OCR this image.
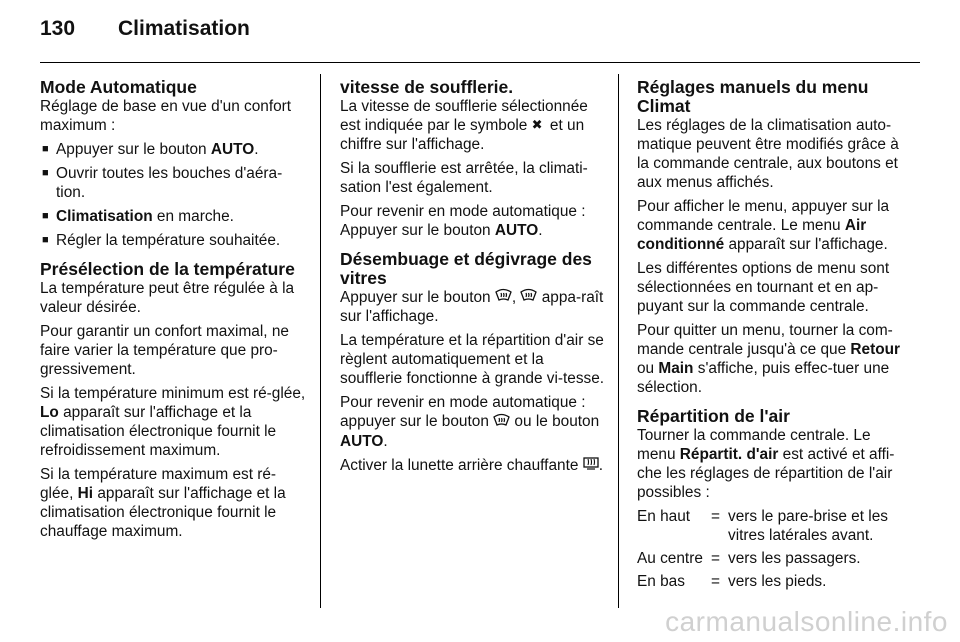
130 Climatisation
Mode Automatique

Réglage de base en vue d'un confort maximum :

■ Appuyer sur le bouton AUTO.
■ Ouvrir toutes les bouches d'aéra-tion.
■ Climatisation en marche.
■ Régler la température souhaitée.
Présélection de la température

La température peut être régulée à la valeur désirée.

Pour garantir un confort maximal, ne faire varier la température que pro-gressivement.

Si la température minimum est ré-glée, Lo apparaît sur l'affichage et la climatisation électronique fournit le refroidissement maximum.

Si la température maximum est ré-glée, Hi apparaît sur l'affichage et la climatisation électronique fournit le chauffage maximum.

vitesse de soufflerie.

La vitesse de soufflerie sélectionnée est indiquée par le symbole ✖ et un chiffre sur l'affichage.

Si la soufflerie est arrêtée, la climati-sation l'est également.

Pour revenir en mode automatique : Appuyer sur le bouton AUTO.

Désembuage et dégivrage des vitres

Appuyer sur le bouton ,  appa-raît sur l'affichage.

La température et la répartition d'air se règlent automatiquement et la soufflerie fonctionne à grande vi-tesse.

Pour revenir en mode automatique : appuyer sur le bouton  ou le bouton AUTO.

Activer la lunette arrière chauffante .

Réglages manuels du menu Climat

Les réglages de la climatisation auto-matique peuvent être modifiés grâce à la commande centrale, aux boutons et aux menus affichés.

Pour afficher le menu, appuyer sur la commande centrale. Le menu Air conditionné apparaît sur l'affichage.

Les différentes options de menu sont sélectionnées en tournant et en ap-puyant sur la commande centrale.

Pour quitter un menu, tourner la com-mande centrale jusqu'à ce que Retour ou Main s'affiche, puis effec-tuer une sélection.

Répartition de l'air

Tourner la commande centrale. Le menu Répartit. d'air est activé et affi-che les réglages de répartition de l'air possibles :

En haut	=	vers le pare-brise et les vitres latérales avant.
Au centre	=	vers les passagers.
En bas	=	vers les pieds.
carmanualsonline.info
